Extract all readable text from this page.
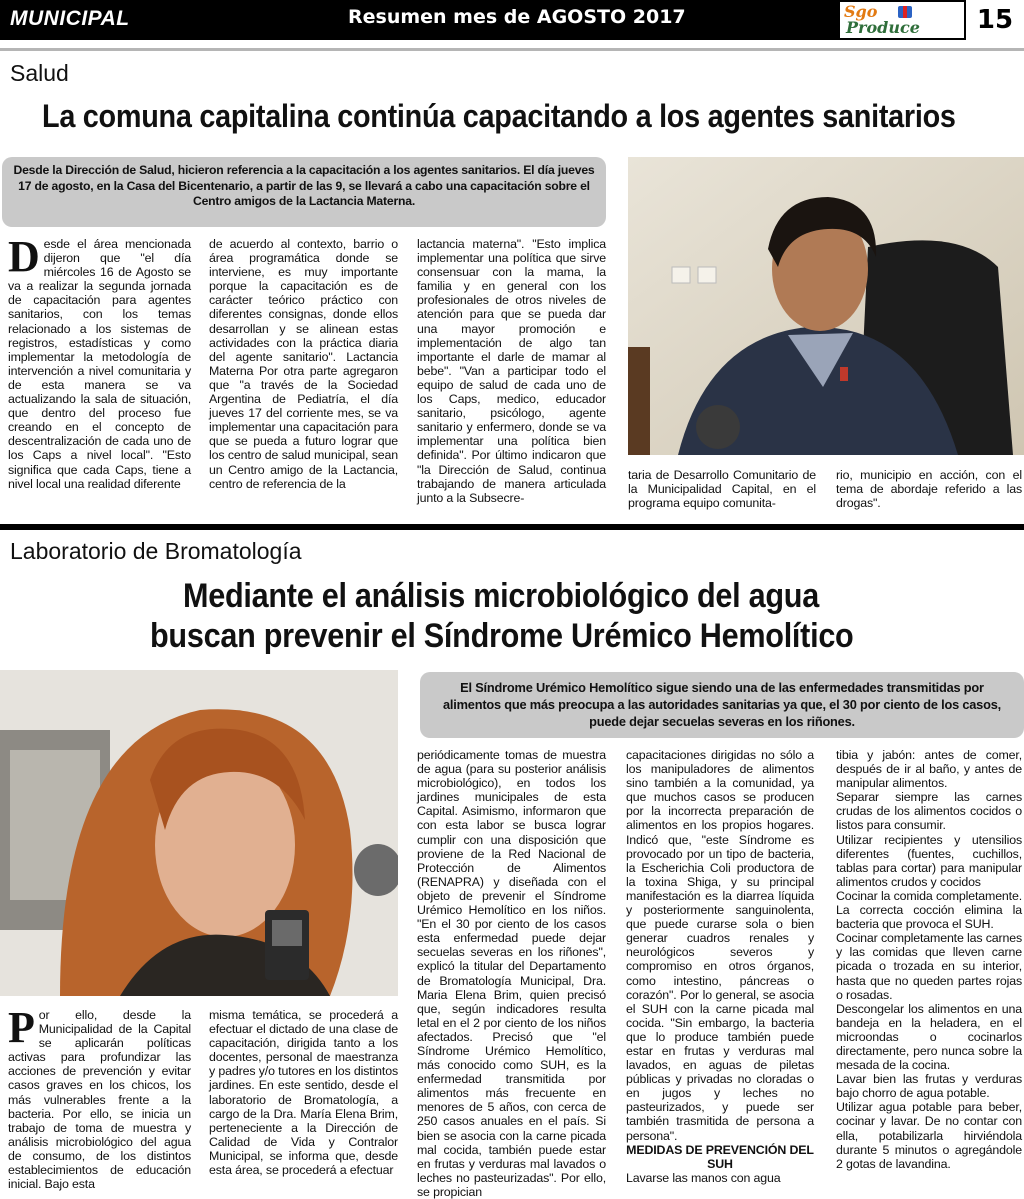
MUNICIPAL	Resumen mes de AGOSTO 2017	Sgo
Produce	15
Salud
La comuna capitalina continúa capacitando a los agentes sanitarios
Desde la Dirección de Salud, hicieron referencia a la capacitación a los agentes sanitarios. El día jueves 17 de agosto, en la Casa del Bicentenario, a partir de las 9, se llevará a cabo una capacitación sobre el Centro amigos de la Lactancia Materna.
Desde el área mencionada dijeron que "el día miércoles 16 de Agosto se va a realizar la segunda jornada de capacitación para agentes sanitarios, con los temas relacionado a los sistemas de registros, estadísticas y como implementar la metodología de intervención a nivel comunitaria y de esta manera se va actualizando la sala de situación, que dentro del proceso fue creando en el concepto de descentralización de cada uno de los Caps a nivel local". "Esto significa que cada Caps, tiene a nivel local una realidad diferente
de acuerdo al contexto, barrio o área programática donde se interviene, es muy importante porque la capacitación es de carácter teórico práctico con diferentes consignas, donde ellos desarrollan y se alinean estas actividades con la práctica diaria del agente sanitario". Lactancia Materna Por otra parte agregaron que "a través de la Sociedad Argentina de Pediatría, el día jueves 17 del corriente mes, se va implementar una capacitación para que se pueda a futuro lograr que los centro de salud municipal, sean un Centro amigo de la Lactancia, centro de referencia de la
lactancia materna". "Esto implica implementar una política que sirve consensuar con la mama, la familia y en general con los profesionales de otros niveles de atención para que se pueda dar una mayor promoción e implementación de algo tan importante el darle de mamar al bebe". "Van a participar todo el equipo de salud de cada uno de los Caps, medico, educador sanitario, psicólogo, agente sanitario y enfermero, donde se va implementar una política bien definida". Por último indicaron que "la Dirección de Salud, continua trabajando de manera articulada junto a la Subsecre-
taria de Desarrollo Comunitario de la Municipalidad Capital, en el programa equipo comunita-
rio, municipio en acción, con el tema de abordaje referido a las drogas".
Laboratorio de Bromatología
Mediante el análisis microbiológico del agua
buscan prevenir el Síndrome Urémico Hemolítico
El Síndrome Urémico Hemolítico sigue siendo una de las enfermedades transmitidas por alimentos que más preocupa a las autoridades sanitarias ya que, el 30 por ciento de los casos, puede dejar secuelas severas en los riñones.
Por ello, desde la Municipalidad de la Capital se aplicarán políticas activas para profundizar las acciones de prevención y evitar casos graves en los chicos, los más vulnerables frente a la bacteria. Por ello, se inicia un trabajo de toma de muestra y análisis microbiológico del agua de consumo, de los distintos establecimientos de educación inicial. Bajo esta
misma temática, se procederá a efectuar el dictado de una clase de capacitación, dirigida tanto a los docentes, personal de maestranza y padres y/o tutores en los distintos jardines. En este sentido, desde el laboratorio de Bromatología, a cargo de la Dra. María Elena Brim, perteneciente a la Dirección de Calidad de Vida y Contralor Municipal, se informa que, desde esta área, se procederá a efectuar
periódicamente tomas de muestra de agua (para su posterior análisis microbiológico), en todos los jardines municipales de esta Capital. Asimismo, informaron que con esta labor se busca lograr cumplir con una disposición que proviene de la Red Nacional de Protección de Alimentos (RENAPRA) y diseñada con el objeto de prevenir el Síndrome Urémico Hemolítico en los niños. "En el 30 por ciento de los casos esta enfermedad puede dejar secuelas severas en los riñones", explicó la titular del Departamento de Bromatología Municipal, Dra. Maria Elena Brim, quien precisó que, según indicadores resulta letal en el 2 por ciento de los niños afectados. Precisó que "el Síndrome Urémico Hemolítico, más conocido como SUH, es la enfermedad transmitida por alimentos más frecuente en menores de 5 años, con cerca de 250 casos anuales en el país. Si bien se asocia con la carne picada mal cocida, también puede estar en frutas y verduras mal lavados o leches no pasteurizadas". Por ello, se propician

capacitaciones dirigidas no sólo a los manipuladores de alimentos sino también a la comunidad, ya que muchos casos se producen por la incorrecta preparación de alimentos en los propios hogares. Indicó que, "este Síndrome es provocado por un tipo de bacteria, la Escherichia Coli productora de la toxina Shiga, y su principal manifestación es la diarrea líquida y posteriormente sanguinolenta, que puede curarse sola o bien generar cuadros renales y neurológicos severos y compromiso en otros órganos, como intestino, páncreas o corazón". Por lo general, se asocia el SUH con la carne picada mal cocida. "Sin embargo, la bacteria que lo produce también puede estar en frutas y verduras mal lavados, en aguas de piletas públicas y privadas no cloradas o en jugos y leches no pasteurizados, y puede ser también trasmitida de persona a persona".

MEDIDAS DE PREVENCIÓN DEL SUH

Lavarse las manos con agua

tibia y jabón: antes de comer, después de ir al baño, y antes de manipular alimentos.

Separar siempre las carnes crudas de los alimentos cocidos o listos para consumir.

Utilizar recipientes y utensilios diferentes (fuentes, cuchillos, tablas para cortar) para manipular alimentos crudos y cocidos

Cocinar la comida completamente. La correcta cocción elimina la bacteria que provoca el SUH.

Cocinar completamente las carnes y las comidas que lleven carne picada o trozada en su interior, hasta que no queden partes rojas o rosadas.

Descongelar los alimentos en una bandeja en la heladera, en el microondas o cocinarlos directamente, pero nunca sobre la mesada de la cocina.

Lavar bien las frutas y verduras bajo chorro de agua potable.

Utilizar agua potable para beber, cocinar y lavar. De no contar con ella, potabilizarla hirviéndola durante 5 minutos o agregándole 2 gotas de lavandina.
